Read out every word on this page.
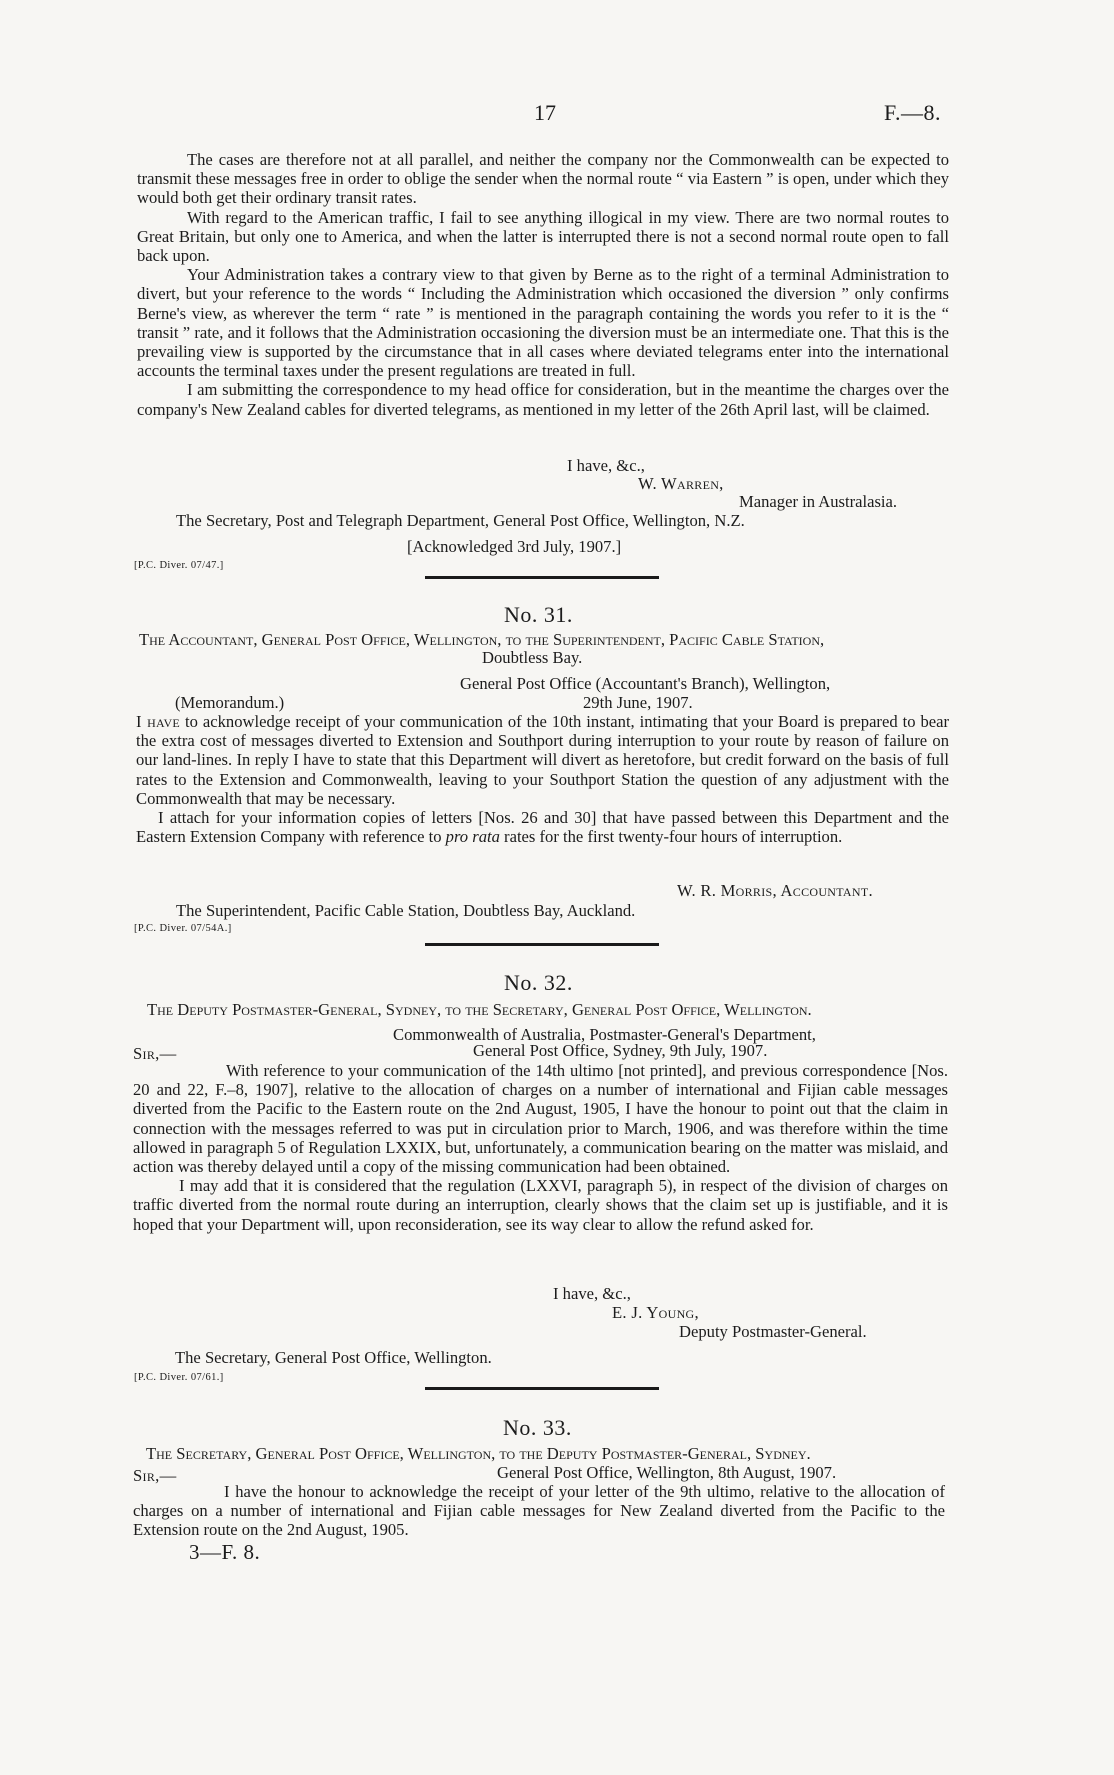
17	F.—8.

The cases are therefore not at all parallel, and neither the company nor the Commonwealth can be expected to transmit these messages free in order to oblige the sender when the normal route “ via Eastern ” is open, under which they would both get their ordinary transit rates.

With regard to the American traffic, I fail to see anything illogical in my view. There are two normal routes to Great Britain, but only one to America, and when the latter is interrupted there is not a second normal route open to fall back upon.

Your Administration takes a contrary view to that given by Berne as to the right of a terminal Administration to divert, but your reference to the words “ Including the Administration which occasioned the diversion ” only confirms Berne's view, as wherever the term “ rate ” is mentioned in the paragraph containing the words you refer to it is the “ transit ” rate, and it follows that the Administration occasioning the diversion must be an intermediate one. That this is the prevailing view is supported by the circumstance that in all cases where deviated telegrams enter into the international accounts the terminal taxes under the present regulations are treated in full.

I am submitting the correspondence to my head office for consideration, but in the meantime the charges over the company's New Zealand cables for diverted telegrams, as mentioned in my letter of the 26th April last, will be claimed.

I have, &c.,
W. Warren,
Manager in Australasia.
The Secretary, Post and Telegraph Department, General Post Office, Wellington, N.Z.
[Acknowledged 3rd July, 1907.]
[P.C. Diver. 07/47.]
No. 31.
The Accountant, General Post Office, Wellington, to the Superintendent, Pacific Cable Station,
Doubtless Bay.
General Post Office (Accountant's Branch), Wellington,
(Memorandum.)	29th June, 1907.

I have to acknowledge receipt of your communication of the 10th instant, intimating that your Board is prepared to bear the extra cost of messages diverted to Extension and Southport during interruption to your route by reason of failure on our land-lines. In reply I have to state that this Department will divert as heretofore, but credit forward on the basis of full rates to the Extension and Commonwealth, leaving to your Southport Station the question of any adjustment with the Commonwealth that may be necessary.

I attach for your information copies of letters [Nos. 26 and 30] that have passed between this Department and the Eastern Extension Company with reference to pro rata rates for the first twenty-four hours of interruption.

W. R. Morris, Accountant.
The Superintendent, Pacific Cable Station, Doubtless Bay, Auckland.
[P.C. Diver. 07/54A.]
No. 32.
The Deputy Postmaster-General, Sydney, to the Secretary, General Post Office, Wellington.
Commonwealth of Australia, Postmaster-General's Department,
Sir,—	General Post Office, Sydney, 9th July, 1907.

With reference to your communication of the 14th ultimo [not printed], and previous correspondence [Nos. 20 and 22, F.–8, 1907], relative to the allocation of charges on a number of international and Fijian cable messages diverted from the Pacific to the Eastern route on the 2nd August, 1905, I have the honour to point out that the claim in connection with the messages referred to was put in circulation prior to March, 1906, and was therefore within the time allowed in paragraph 5 of Regulation LXXIX, but, unfortunately, a communication bearing on the matter was mislaid, and action was thereby delayed until a copy of the missing communication had been obtained.

I may add that it is considered that the regulation (LXXVI, paragraph 5), in respect of the division of charges on traffic diverted from the normal route during an interruption, clearly shows that the claim set up is justifiable, and it is hoped that your Department will, upon reconsideration, see its way clear to allow the refund asked for.

I have, &c.,
E. J. Young,
Deputy Postmaster-General.
The Secretary, General Post Office, Wellington.
[P.C. Diver. 07/61.]
No. 33.
The Secretary, General Post Office, Wellington, to the Deputy Postmaster-General, Sydney.
Sir,—	General Post Office, Wellington, 8th August, 1907.

I have the honour to acknowledge the receipt of your letter of the 9th ultimo, relative to the allocation of charges on a number of international and Fijian cable messages for New Zealand diverted from the Pacific to the Extension route on the 2nd August, 1905.

3—F. 8.
